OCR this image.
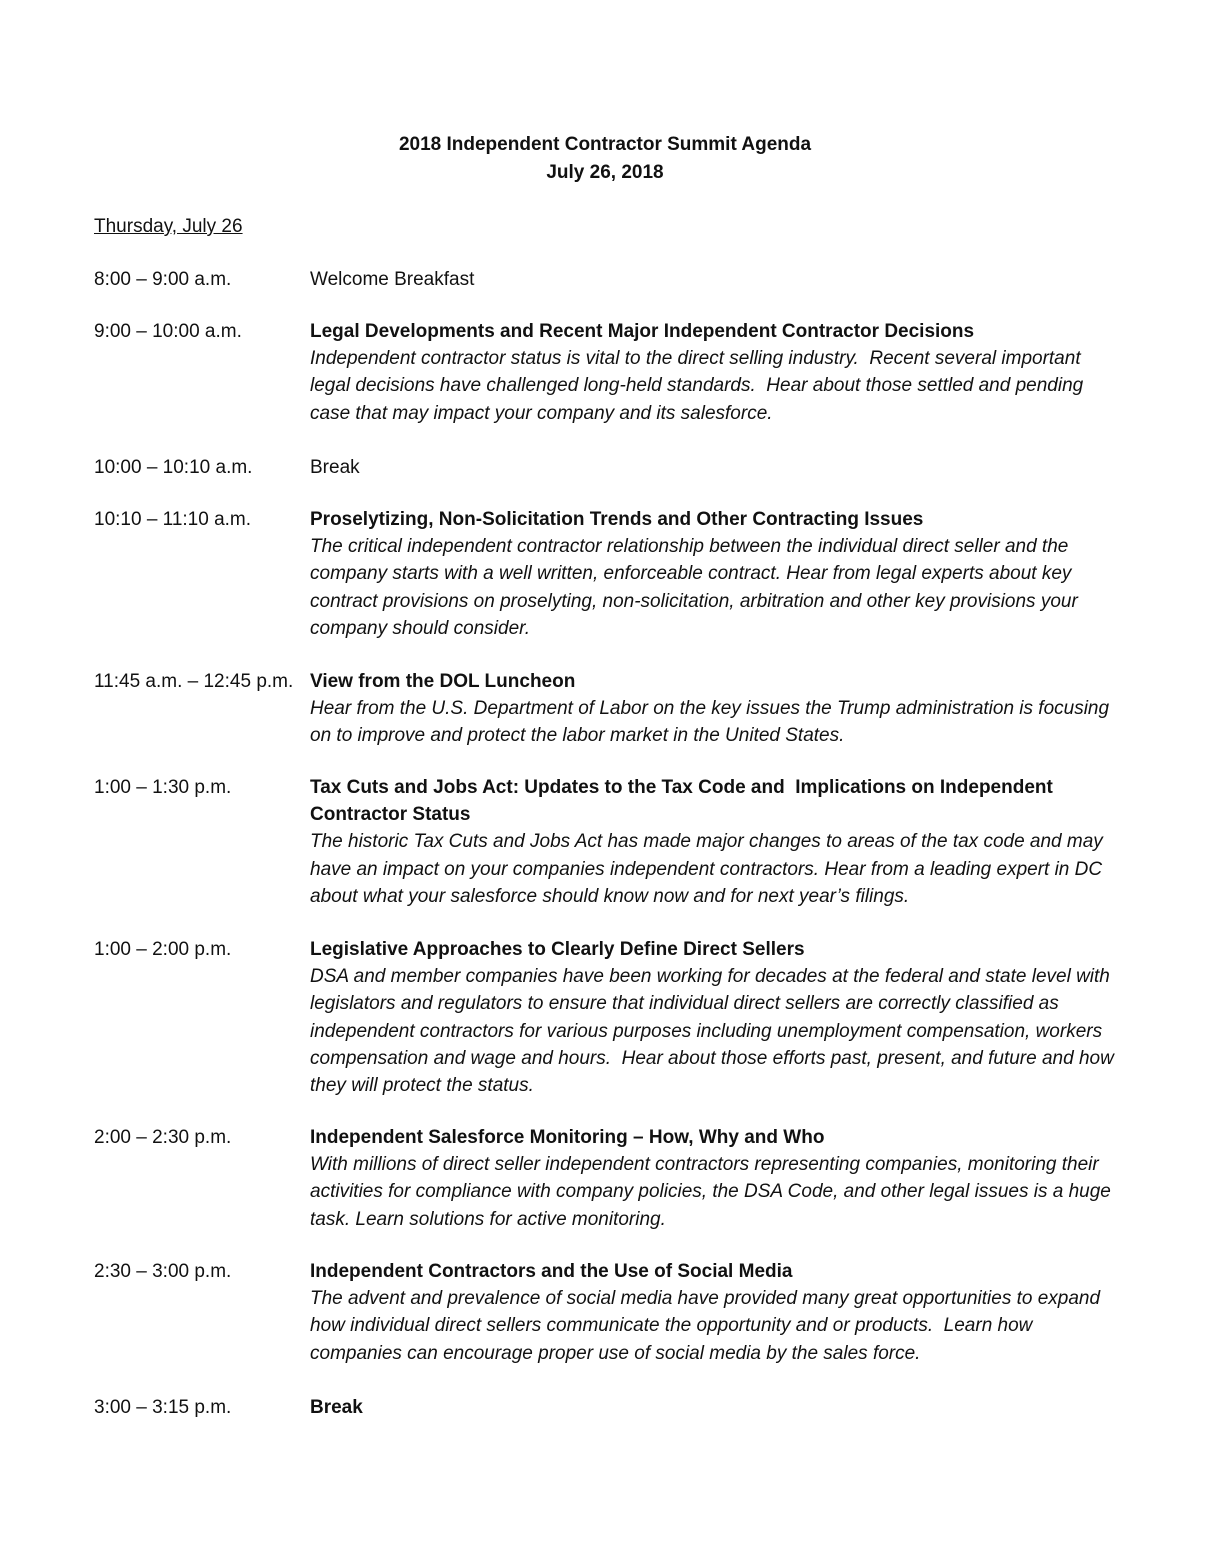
2018 Independent Contractor Summit Agenda
July 26, 2018
Thursday, July 26
8:00 – 9:00 a.m.	Welcome Breakfast
9:00 – 10:00 a.m.	Legal Developments and Recent Major Independent Contractor Decisions
Independent contractor status is vital to the direct selling industry.  Recent several important legal decisions have challenged long-held standards.  Hear about those settled and pending case that may impact your company and its salesforce.
10:00 – 10:10 a.m.	Break
10:10 – 11:10 a.m.	Proselytizing, Non-Solicitation Trends and Other Contracting Issues
The critical independent contractor relationship between the individual direct seller and the company starts with a well written, enforceable contract. Hear from legal experts about key contract provisions on proselyting, non-solicitation, arbitration and other key provisions your company should consider.
11:45 a.m. – 12:45 p.m. View from the DOL Luncheon
Hear from the U.S. Department of Labor on the key issues the Trump administration is focusing on to improve and protect the labor market in the United States.
1:00 – 1:30 p.m.	Tax Cuts and Jobs Act: Updates to the Tax Code and  Implications on Independent Contractor Status
The historic Tax Cuts and Jobs Act has made major changes to areas of the tax code and may have an impact on your companies independent contractors. Hear from a leading expert in DC about what your salesforce should know now and for next year’s filings.
1:00 – 2:00 p.m.	Legislative Approaches to Clearly Define Direct Sellers
DSA and member companies have been working for decades at the federal and state level with legislators and regulators to ensure that individual direct sellers are correctly classified as independent contractors for various purposes including unemployment compensation, workers compensation and wage and hours.  Hear about those efforts past, present, and future and how they will protect the status.
2:00 – 2:30 p.m.	Independent Salesforce Monitoring – How, Why and Who
With millions of direct seller independent contractors representing companies, monitoring their activities for compliance with company policies, the DSA Code, and other legal issues is a huge task. Learn solutions for active monitoring.
2:30 – 3:00 p.m.	Independent Contractors and the Use of Social Media
The advent and prevalence of social media have provided many great opportunities to expand how individual direct sellers communicate the opportunity and or products.  Learn how companies can encourage proper use of social media by the sales force.
3:00 – 3:15 p.m.	Break
